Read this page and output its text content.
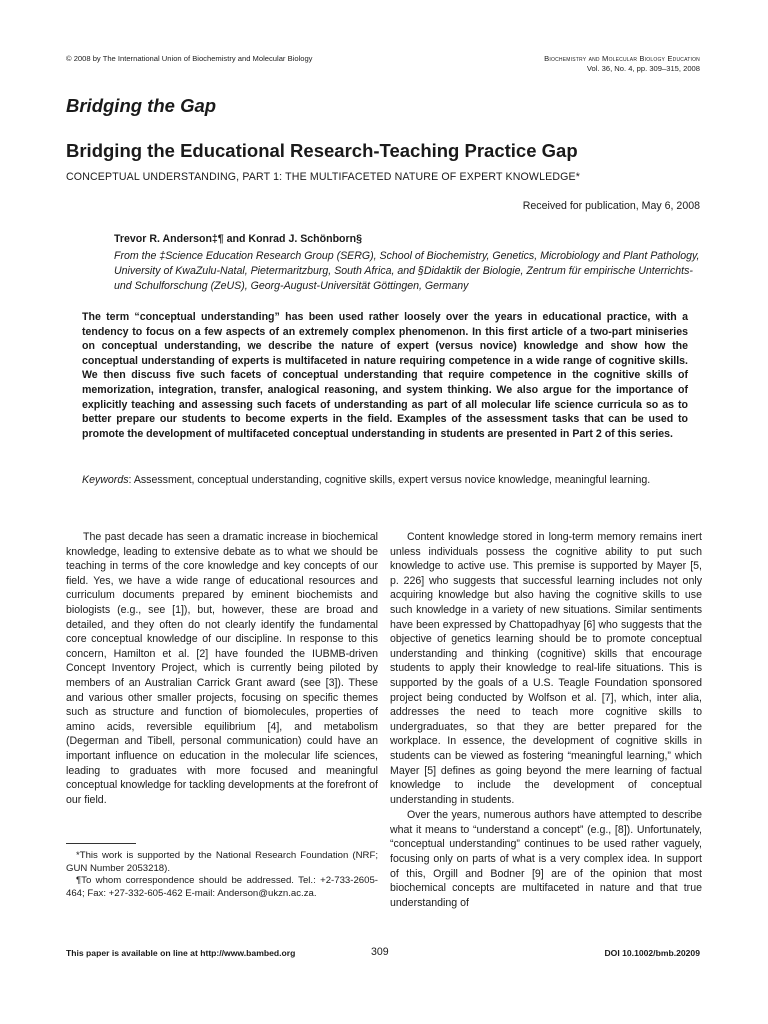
© 2008 by The International Union of Biochemistry and Molecular Biology	Biochemistry and Molecular Biology Education
Vol. 36, No. 4, pp. 309–315, 2008
Bridging the Gap
Bridging the Educational Research-Teaching Practice Gap
CONCEPTUAL UNDERSTANDING, PART 1: THE MULTIFACETED NATURE OF EXPERT KNOWLEDGE*
Received for publication, May 6, 2008
Trevor R. Anderson‡¶ and Konrad J. Schönborn§
From the ‡Science Education Research Group (SERG), School of Biochemistry, Genetics, Microbiology and Plant Pathology, University of KwaZulu-Natal, Pietermaritzburg, South Africa, and §Didaktik der Biologie, Zentrum für empirische Unterrichts- und Schulforschung (ZeUS), Georg-August-Universität Göttingen, Germany
The term “conceptual understanding” has been used rather loosely over the years in educational practice, with a tendency to focus on a few aspects of an extremely complex phenomenon. In this first article of a two-part miniseries on conceptual understanding, we describe the nature of expert (versus novice) knowledge and show how the conceptual understanding of experts is multifaceted in nature requiring competence in a wide range of cognitive skills. We then discuss five such facets of conceptual understanding that require competence in the cognitive skills of memorization, integration, transfer, analogical reasoning, and system thinking. We also argue for the importance of explicitly teaching and assessing such facets of understanding as part of all molecular life science curricula so as to better prepare our students to become experts in the field. Examples of the assessment tasks that can be used to promote the development of multifaceted conceptual understanding in students are presented in Part 2 of this series.
Keywords: Assessment, conceptual understanding, cognitive skills, expert versus novice knowledge, meaningful learning.

The past decade has seen a dramatic increase in biochemical knowledge, leading to extensive debate as to what we should be teaching in terms of the core knowledge and key concepts of our field. Yes, we have a wide range of educational resources and curriculum documents prepared by eminent biochemists and biologists (e.g., see [1]), but, however, these are broad and detailed, and they often do not clearly identify the fundamental core conceptual knowledge of our discipline. In response to this concern, Hamilton et al. [2] have founded the IUBMB-driven Concept Inventory Project, which is currently being piloted by members of an Australian Carrick Grant award (see [3]). These and various other smaller projects, focusing on specific themes such as structure and function of biomolecules, properties of amino acids, reversible equilibrium [4], and metabolism (Degerman and Tibell, personal communication) could have an important influence on education in the molecular life sciences, leading to graduates with more focused and meaningful conceptual knowledge for tackling developments at the forefront of our field.

Content knowledge stored in long-term memory remains inert unless individuals possess the cognitive ability to put such knowledge to active use. This premise is supported by Mayer [5, p. 226] who suggests that successful learning includes not only acquiring knowledge but also having the cognitive skills to use such knowledge in a variety of new situations. Similar sentiments have been expressed by Chattopadhyay [6] who suggests that the objective of genetics learning should be to promote conceptual understanding and thinking (cognitive) skills that encourage students to apply their knowledge to real-life situations. This is supported by the goals of a U.S. Teagle Foundation sponsored project being conducted by Wolfson et al. [7], which, inter alia, addresses the need to teach more cognitive skills to undergraduates, so that they are better prepared for the workplace. In essence, the development of cognitive skills in students can be viewed as fostering “meaningful learning,” which Mayer [5] defines as going beyond the mere learning of factual knowledge to include the development of conceptual understanding in students.

Over the years, numerous authors have attempted to describe what it means to “understand a concept” (e.g., [8]). Unfortunately, “conceptual understanding” continues to be used rather vaguely, focusing only on parts of what is a very complex idea. In support of this, Orgill and Bodner [9] are of the opinion that most biochemical concepts are multifaceted in nature and that true understanding of

*This work is supported by the National Research Foundation (NRF; GUN Number 2053218).

¶To whom correspondence should be addressed. Tel.: +2-733-2605-464; Fax: +27-332-605-462 E-mail: Anderson@ukzn.ac.za.

This paper is available on line at http://www.bambed.org	309	DOI 10.1002/bmb.20209
